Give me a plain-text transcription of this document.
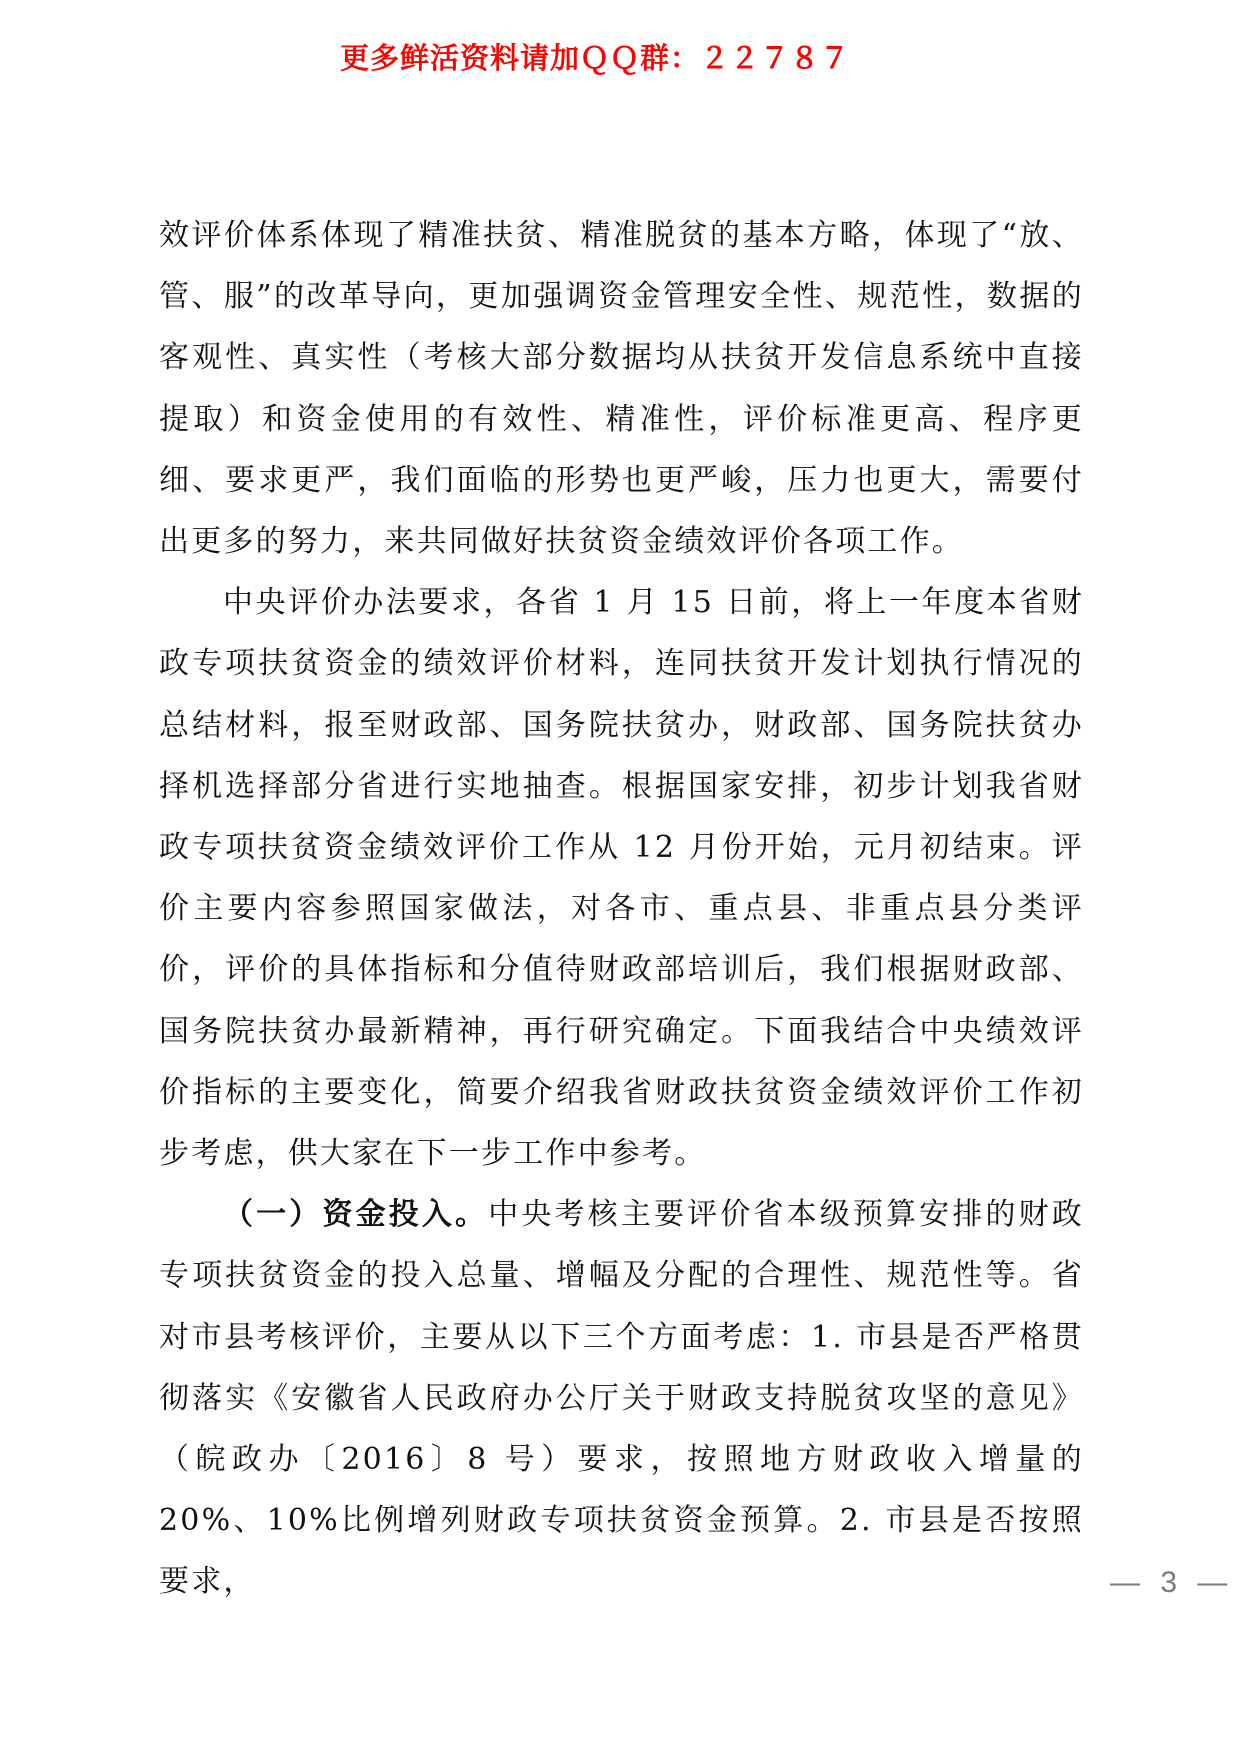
更多鲜活资料请加ＱＱ群：２２７８７

效评价体系体现了精准扶贫、精准脱贫的基本方略，体现了“放、管、服”的改革导向，更加强调资金管理安全性、规范性，数据的客观性、真实性（考核大部分数据均从扶贫开发信息系统中直接提取）和资金使用的有效性、精准性，评价标准更高、程序更细、要求更严，我们面临的形势也更严峻，压力也更大，需要付出更多的努力，来共同做好扶贫资金绩效评价各项工作。

中央评价办法要求，各省 1 月 15 日前，将上一年度本省财政专项扶贫资金的绩效评价材料，连同扶贫开发计划执行情况的总结材料，报至财政部、国务院扶贫办，财政部、国务院扶贫办择机选择部分省进行实地抽查。根据国家安排，初步计划我省财政专项扶贫资金绩效评价工作从 12 月份开始，元月初结束。评价主要内容参照国家做法，对各市、重点县、非重点县分类评价，评价的具体指标和分值待财政部培训后，我们根据财政部、国务院扶贫办最新精神，再行研究确定。下面我结合中央绩效评价指标的主要变化，简要介绍我省财政扶贫资金绩效评价工作初步考虑，供大家在下一步工作中参考。

（一）资金投入。中央考核主要评价省本级预算安排的财政专项扶贫资金的投入总量、增幅及分配的合理性、规范性等。省对市县考核评价，主要从以下三个方面考虑：1. 市县是否严格贯彻落实《安徽省人民政府办公厅关于财政支持脱贫攻坚的意见》（皖政办〔2016〕8 号）要求，按照地方财政收入增量的 20%、10%比例增列财政专项扶贫资金预算。2. 市县是否按照要求，	— 3 —
